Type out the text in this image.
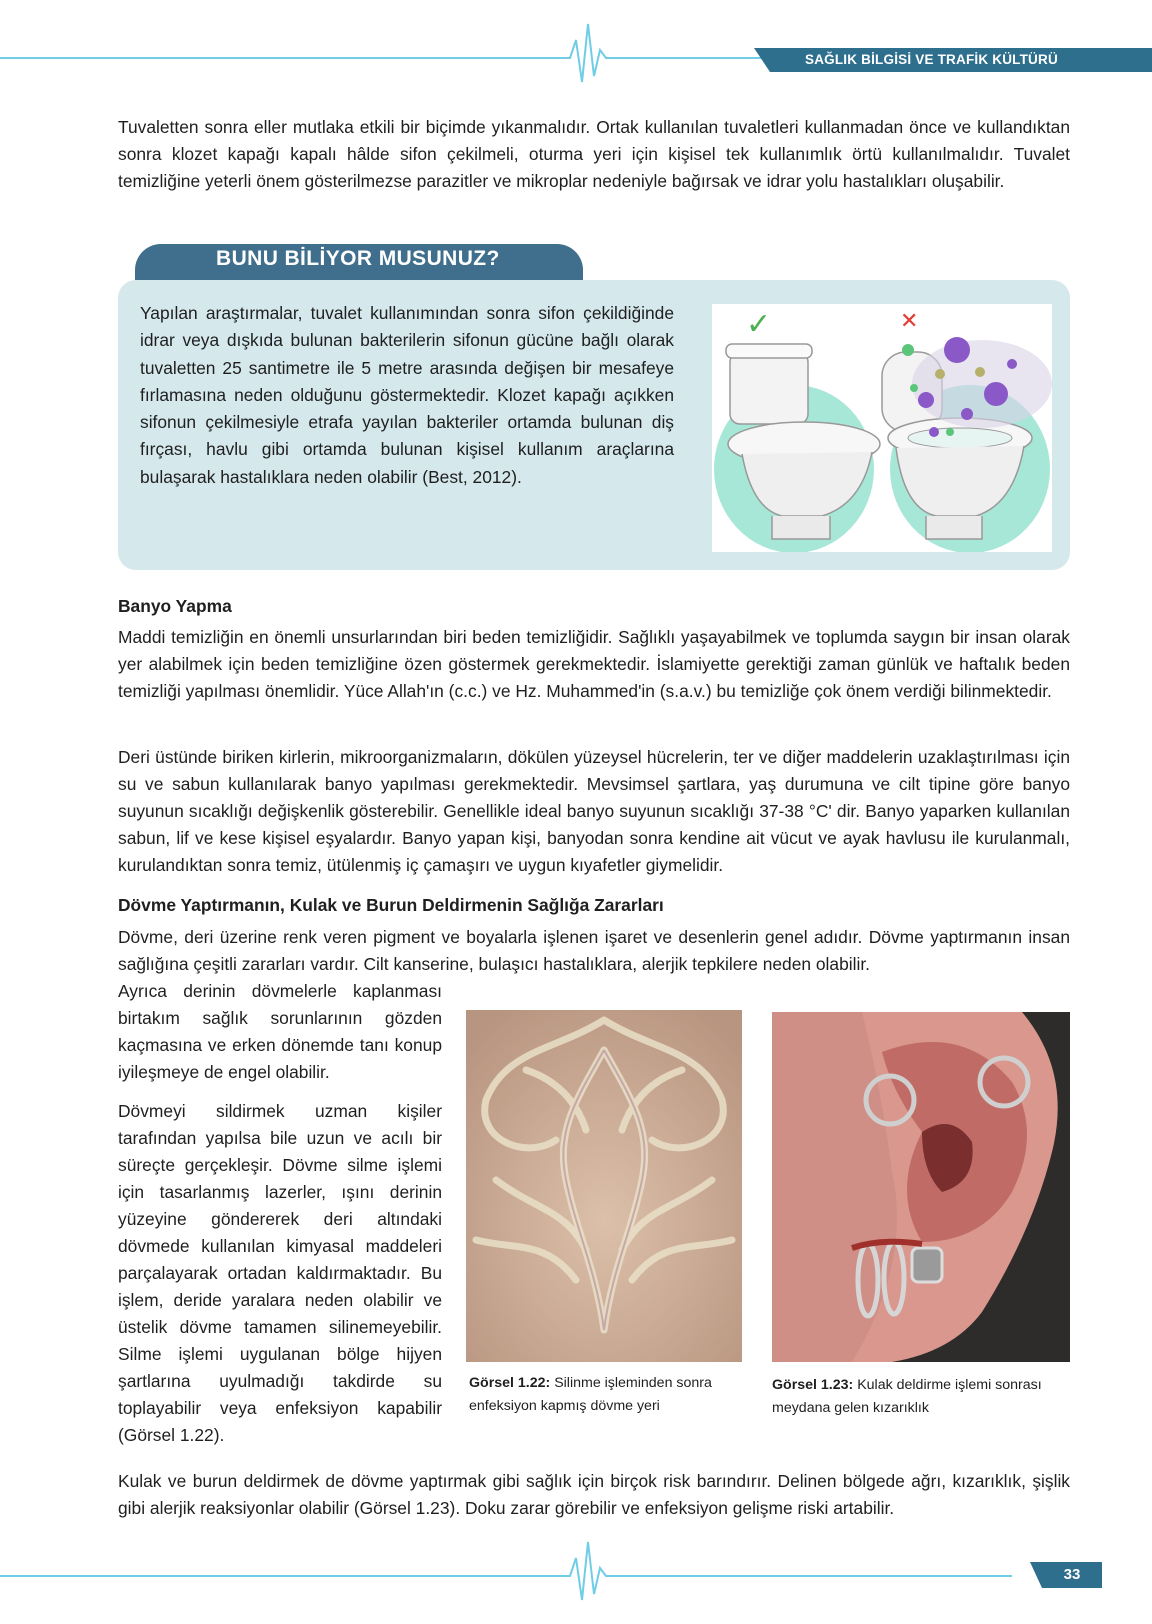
SAĞLIK BİLGİSİ VE TRAFİK KÜLTÜRÜ
Tuvaletten sonra eller mutlaka etkili bir biçimde yıkanmalıdır. Ortak kullanılan tuvaletleri kullanmadan önce ve kullandıktan sonra klozet kapağı kapalı hâlde sifon çekilmeli, oturma yeri için kişisel tek kullanımlık örtü kullanılmalıdır. Tuvalet temizliğine yeterli önem gösterilmezse parazitler ve mikroplar nedeniyle bağırsak ve idrar yolu hastalıkları oluşabilir.
BUNU BİLİYOR MUSUNUZ?
Yapılan araştırmalar, tuvalet kullanımından sonra sifon çekildiğinde idrar veya dışkıda bulunan bakterilerin sifonun gücüne bağlı olarak tuvaletten 25 santimetre ile 5 metre arasında değişen bir mesafeye fırlamasına neden olduğunu göstermektedir. Klozet kapağı açıkken sifonun çekilmesiyle etrafa yayılan bakteriler ortamda bulunan diş fırçası, havlu gibi ortamda bulunan kişisel kullanım araçlarına bulaşarak hastalıklara neden olabilir (Best, 2012).
✓	✕
Banyo Yapma
Maddi temizliğin en önemli unsurlarından biri beden temizliğidir. Sağlıklı yaşayabilmek ve toplumda saygın bir insan olarak yer alabilmek için beden temizliğine özen göstermek gerekmektedir. İslamiyette gerektiği zaman günlük ve haftalık beden temizliği yapılması önemlidir. Yüce Allah'ın (c.c.) ve Hz. Muhammed'in (s.a.v.) bu temizliğe çok önem verdiği bilinmektedir.
Deri üstünde biriken kirlerin, mikroorganizmaların, dökülen yüzeysel hücrelerin, ter ve diğer maddelerin uzaklaştırılması için su ve sabun kullanılarak banyo yapılması gerekmektedir. Mevsimsel şartlara, yaş durumuna ve cilt tipine göre banyo suyunun sıcaklığı değişkenlik gösterebilir. Genellikle ideal banyo suyunun sıcaklığı 37-38 °C' dir. Banyo yaparken kullanılan sabun, lif ve kese kişisel eşyalardır. Banyo yapan kişi, banyodan sonra kendine ait vücut ve ayak havlusu ile kurulanmalı, kurulandıktan sonra temiz, ütülenmiş iç çamaşırı ve uygun kıyafetler giymelidir.
Dövme Yaptırmanın, Kulak ve Burun Deldirmenin Sağlığa Zararları
Dövme, deri üzerine renk veren pigment ve boyalarla işlenen işaret ve desenlerin genel adıdır. Dövme yaptırmanın insan sağlığına çeşitli zararları vardır. Cilt kanserine, bulaşıcı hastalıklara, alerjik tepkilere neden olabilir.
Ayrıca derinin dövmelerle kaplanması birtakım sağlık sorunlarının gözden kaçmasına ve erken dönemde tanı konup iyileşmeye de engel olabilir.
Dövmeyi sildirmek uzman kişiler tarafından yapılsa bile uzun ve acılı bir süreçte gerçekleşir. Dövme silme işlemi için tasarlanmış lazerler, ışını derinin yüzeyine göndererek deri altındaki dövmede kullanılan kimyasal maddeleri parçalayarak ortadan kaldırmaktadır. Bu işlem, deride yaralara neden olabilir ve üstelik dövme tamamen silinemeyebilir. Silme işlemi uygulanan bölge hijyen şartlarına uyulmadığı takdirde su toplayabilir veya enfeksiyon kapabilir (Görsel 1.22).
Görsel 1.22: Silinme işleminden sonra enfeksiyon kapmış dövme yeri
Görsel 1.23: Kulak deldirme işlemi sonrası meydana gelen kızarıklık
Kulak ve burun deldirmek de dövme yaptırmak gibi sağlık için birçok risk barındırır. Delinen bölgede ağrı, kızarıklık, şişlik gibi alerjik reaksiyonlar olabilir (Görsel 1.23). Doku zarar görebilir ve enfeksiyon gelişme riski artabilir.
33
